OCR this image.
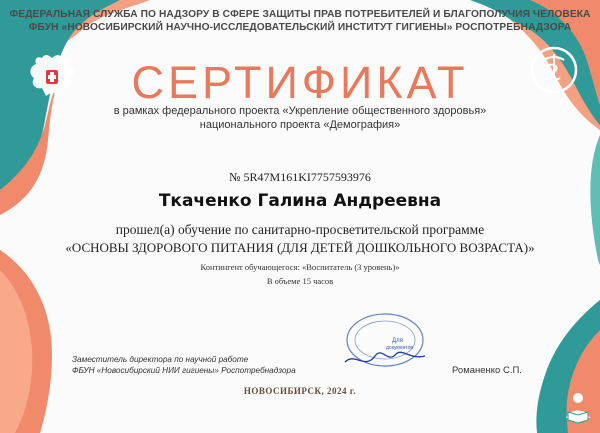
ФЕДЕРАЛЬНАЯ СЛУЖБА ПО НАДЗОРУ В СФЕРЕ ЗАЩИТЫ ПРАВ ПОТРЕБИТЕЛЕЙ И БЛАГОПОЛУЧИЯ ЧЕЛОВЕКА
ФБУН «НОВОСИБИРСКИЙ НАУЧНО-ИССЛЕДОВАТЕЛЬСКИЙ ИНСТИТУТ ГИГИЕНЫ» РОСПОТРЕБНАДЗОРА
СЕРТИФИКАТ
в рамках федерального проекта «Укрепление общественного здоровья»
национального проекта «Демография»
№ 5R47M161KI7757593976
Ткаченко Галина Андреевна
прошел(а) обучение по санитарно-просветительской программе
«ОСНОВЫ ЗДОРОВОГО ПИТАНИЯ (ДЛЯ ДЕТЕЙ ДОШКОЛЬНОГО ВОЗРАСТА)»
Контингент обучающегося: «Воспитатель (3 уровень)»
В объеме 15 часов
Для
документов
Заместитель директора по научной работе
ФБУН «Новосибирский НИИ гигиены» Роспотребнадзора	Романенко С.П.
НОВОСИБИРСК, 2024 г.
